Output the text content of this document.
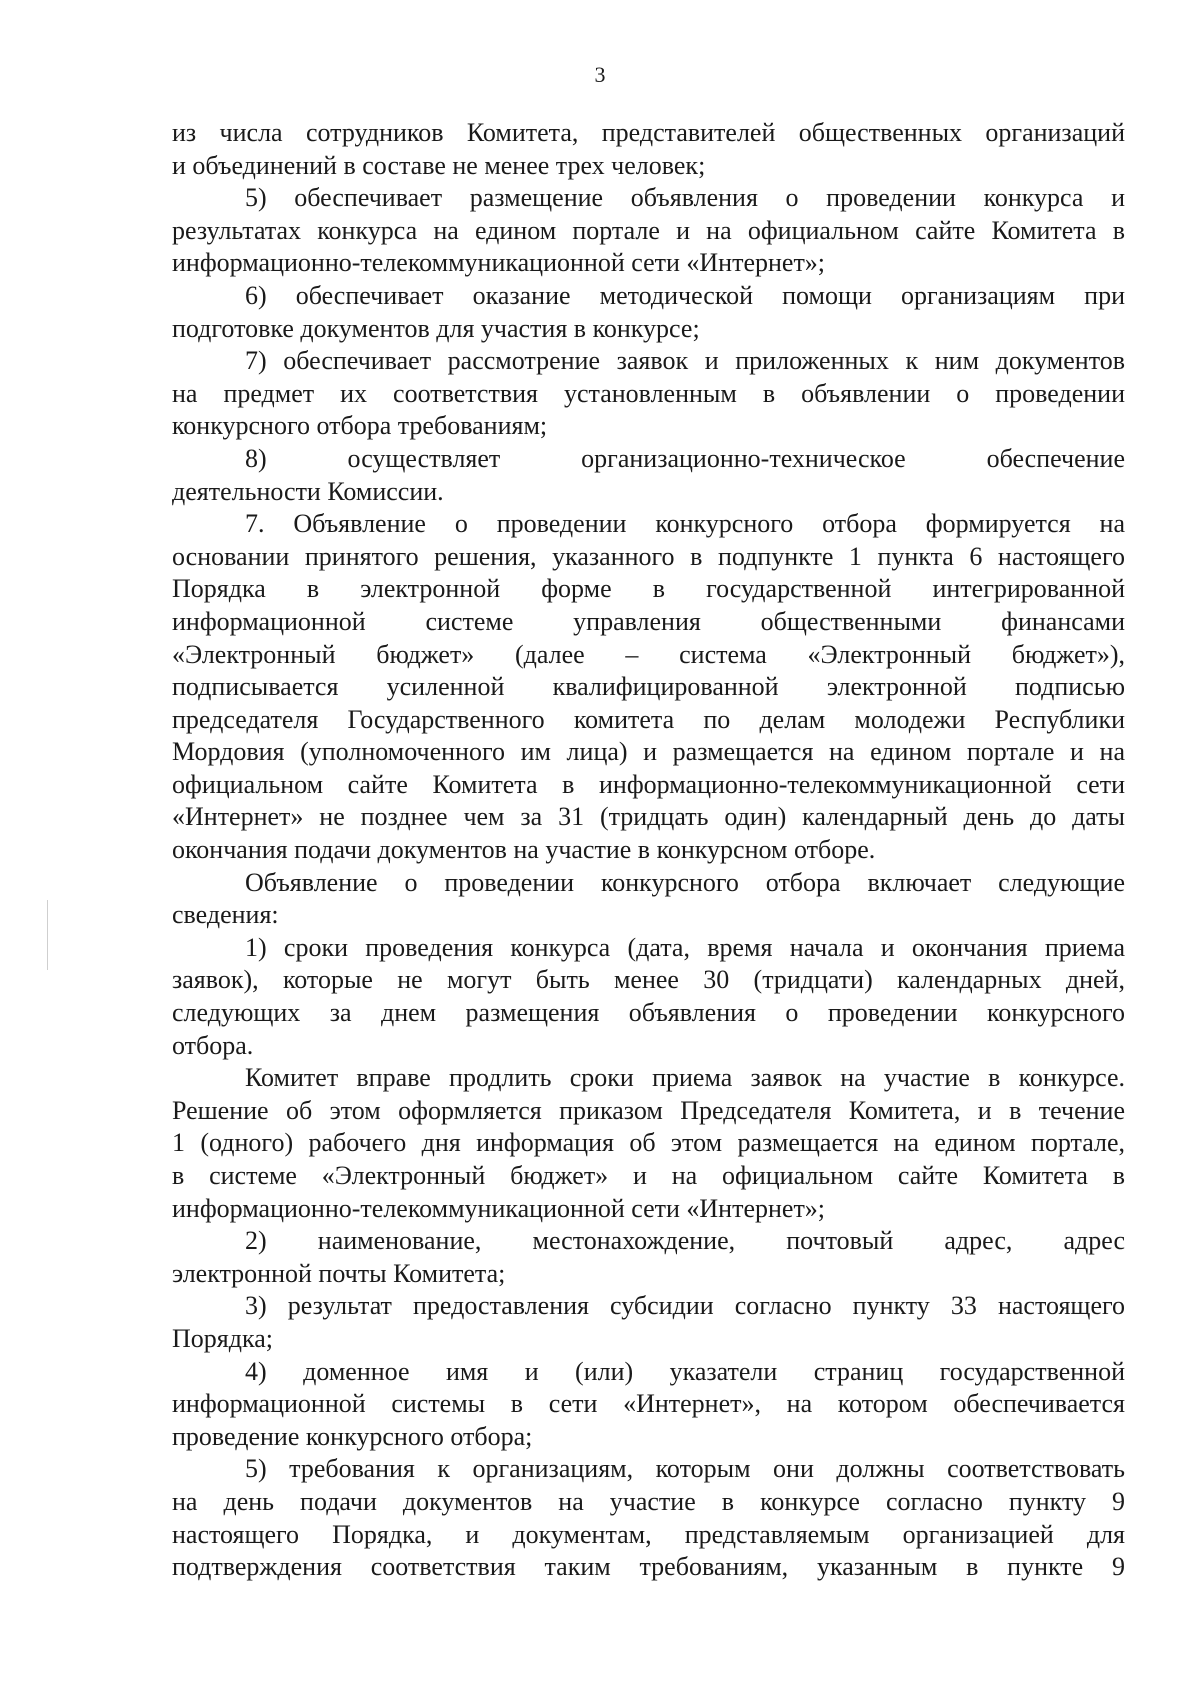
3
из числа сотрудников Комитета, представителей общественных организаций
и объединений в составе не менее трех человек;
5) обеспечивает размещение объявления о проведении конкурса и
результатах конкурса на едином портале и на официальном сайте Комитета в
информационно-телекоммуникационной сети «Интернет»;
6) обеспечивает оказание методической помощи организациям при
подготовке документов для участия в конкурсе;
7) обеспечивает рассмотрение заявок и приложенных к ним документов
на предмет их соответствия установленным в объявлении о проведении
конкурсного отбора требованиям;
8) осуществляет организационно-техническое обеспечение
деятельности Комиссии.
7. Объявление о проведении конкурсного отбора формируется на
основании принятого решения, указанного в подпункте 1 пункта 6 настоящего
Порядка в электронной форме в государственной интегрированной
информационной системе управления общественными финансами
«Электронный бюджет» (далее – система «Электронный бюджет»),
подписывается усиленной квалифицированной электронной подписью
председателя Государственного комитета по делам молодежи Республики
Мордовия (уполномоченного им лица) и размещается на едином портале и на
официальном сайте Комитета в информационно-телекоммуникационной сети
«Интернет» не позднее чем за 31 (тридцать один) календарный день до даты
окончания подачи документов на участие в конкурсном отборе.
Объявление о проведении конкурсного отбора включает следующие
сведения:
1) сроки проведения конкурса (дата, время начала и окончания приема
заявок), которые не могут быть менее 30 (тридцати) календарных дней,
следующих за днем размещения объявления о проведении конкурсного
отбора.
Комитет вправе продлить сроки приема заявок на участие в конкурсе.
Решение об этом оформляется приказом Председателя Комитета, и в течение
1 (одного) рабочего дня информация об этом размещается на едином портале,
в системе «Электронный бюджет» и на официальном сайте Комитета в
информационно-телекоммуникационной сети «Интернет»;
2) наименование, местонахождение, почтовый адрес, адрес
электронной почты Комитета;
3) результат предоставления субсидии согласно пункту 33 настоящего
Порядка;
4) доменное имя и (или) указатели страниц государственной
информационной системы в сети «Интернет», на котором обеспечивается
проведение конкурсного отбора;
5) требования к организациям, которым они должны соответствовать
на день подачи документов на участие в конкурсе согласно пункту 9
настоящего Порядка, и документам, представляемым организацией для
подтверждения соответствия таким требованиям, указанным в пункте 9
